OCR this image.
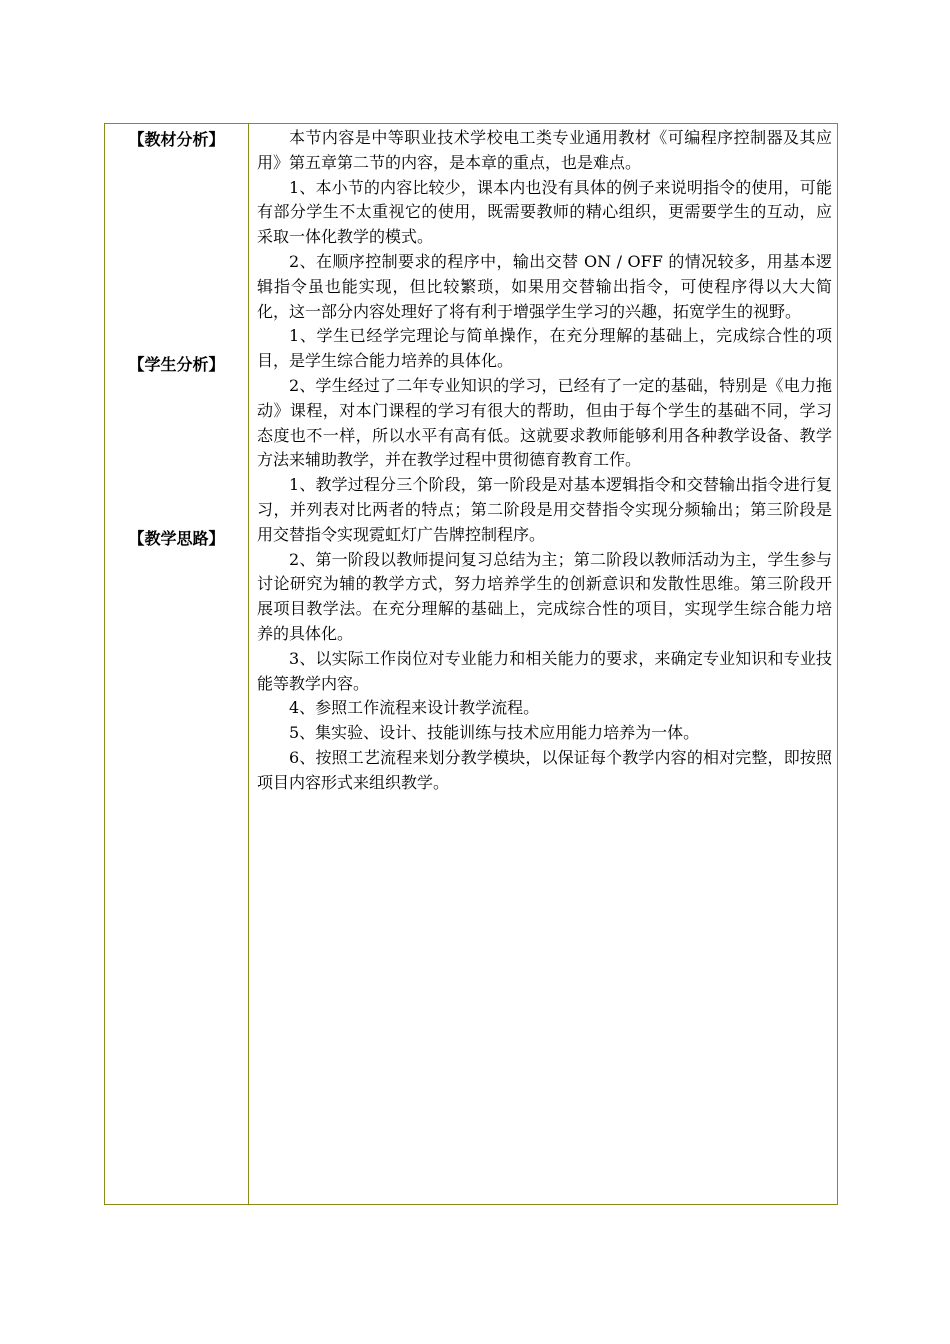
【教材分析】
【学生分析】
【教学思路】

本节内容是中等职业技术学校电工类专业通用教材《可编程序控制器及其应用》第五章第二节的内容，是本章的重点，也是难点。

1、本小节的内容比较少，课本内也没有具体的例子来说明指令的使用，可能有部分学生不太重视它的使用，既需要教师的精心组织，更需要学生的互动，应采取一体化教学的模式。

2、在顺序控制要求的程序中，输出交替 ON / OFF 的情况较多，用基本逻辑指令虽也能实现，但比较繁琐，如果用交替输出指令，可使程序得以大大简化，这一部分内容处理好了将有利于增强学生学习的兴趣，拓宽学生的视野。

1、学生已经学完理论与简单操作，在充分理解的基础上，完成综合性的项目，是学生综合能力培养的具体化。

2、学生经过了二年专业知识的学习，已经有了一定的基础，特别是《电力拖动》课程，对本门课程的学习有很大的帮助，但由于每个学生的基础不同，学习态度也不一样，所以水平有高有低。这就要求教师能够利用各种教学设备、教学方法来辅助教学，并在教学过程中贯彻德育教育工作。

1、教学过程分三个阶段，第一阶段是对基本逻辑指令和交替输出指令进行复习，并列表对比两者的特点；第二阶段是用交替指令实现分频输出；第三阶段是用交替指令实现霓虹灯广告牌控制程序。

2、第一阶段以教师提问复习总结为主；第二阶段以教师活动为主，学生参与讨论研究为辅的教学方式，努力培养学生的创新意识和发散性思维。第三阶段开展项目教学法。在充分理解的基础上，完成综合性的项目，实现学生综合能力培养的具体化。

3、以实际工作岗位对专业能力和相关能力的要求，来确定专业知识和专业技能等教学内容。

4、参照工作流程来设计教学流程。

5、集实验、设计、技能训练与技术应用能力培养为一体。

6、按照工艺流程来划分教学模块，以保证每个教学内容的相对完整，即按照项目内容形式来组织教学。
